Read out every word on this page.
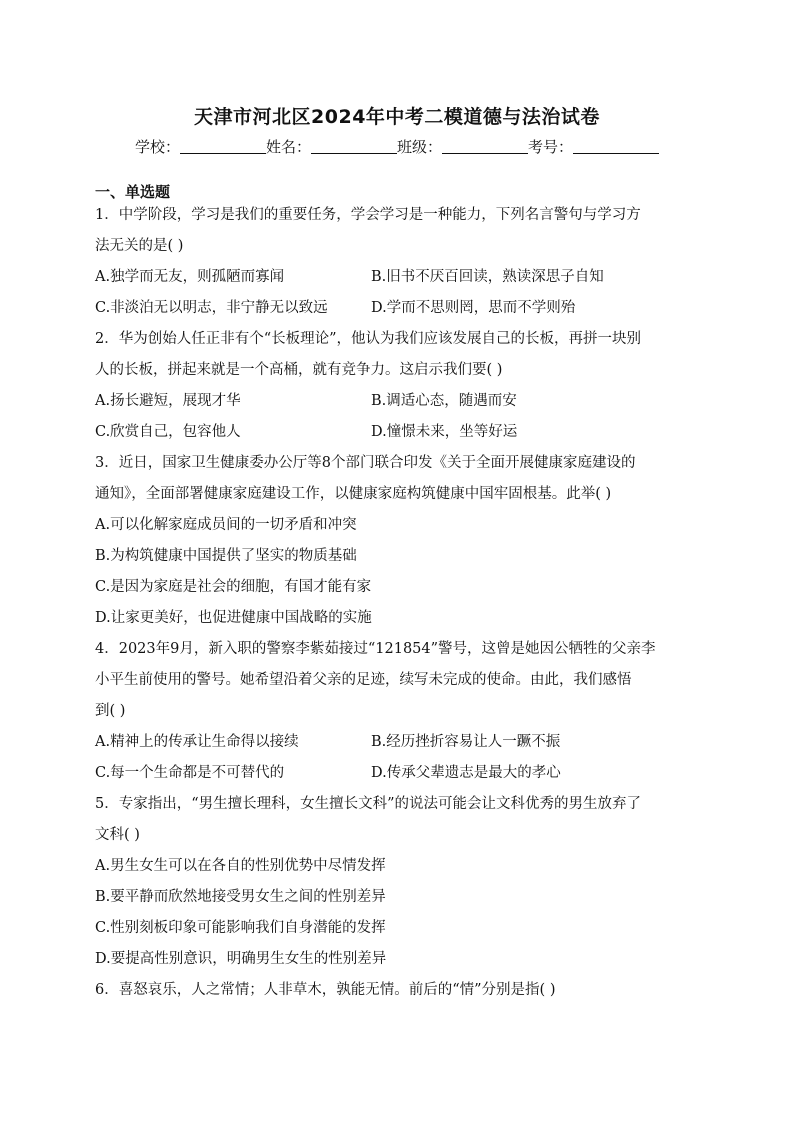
天津市河北区2024年中考二模道德与法治试卷
学校：	姓名：	班级：	考号：
一、单选题
1．中学阶段，学习是我们的重要任务，学会学习是一种能力，下列名言警句与学习方
法无关的是( )
A.独学而无友，则孤陋而寡闻	B.旧书不厌百回读，熟读深思子自知
C.非淡泊无以明志，非宁静无以致远	D.学而不思则罔，思而不学则殆
2．华为创始人任正非有个“长板理论”，他认为我们应该发展自己的长板，再拼一块别
人的长板，拼起来就是一个高桶，就有竞争力。这启示我们要( )
A.扬长避短，展现才华	B.调适心态，随遇而安
C.欣赏自己，包容他人	D.憧憬未来，坐等好运
3．近日，国家卫生健康委办公厅等8个部门联合印发《关于全面开展健康家庭建设的
通知》，全面部署健康家庭建设工作，以健康家庭构筑健康中国牢固根基。此举( )
A.可以化解家庭成员间的一切矛盾和冲突
B.为构筑健康中国提供了坚实的物质基础
C.是因为家庭是社会的细胞，有国才能有家
D.让家更美好，也促进健康中国战略的实施
4．2023年9月，新入职的警察李紫茹接过“121854”警号，这曾是她因公牺牲的父亲李
小平生前使用的警号。她希望沿着父亲的足迹，续写未完成的使命。由此，我们感悟
到( )
A.精神上的传承让生命得以接续	B.经历挫折容易让人一蹶不振
C.每一个生命都是不可替代的	D.传承父辈遗志是最大的孝心
5．专家指出，“男生擅长理科，女生擅长文科”的说法可能会让文科优秀的男生放弃了
文科( )
A.男生女生可以在各自的性别优势中尽情发挥
B.要平静而欣然地接受男女生之间的性别差异
C.性别刻板印象可能影响我们自身潜能的发挥
D.要提高性别意识，明确男生女生的性别差异
6．喜怒哀乐，人之常情；人非草木，孰能无情。前后的“情”分别是指( )
